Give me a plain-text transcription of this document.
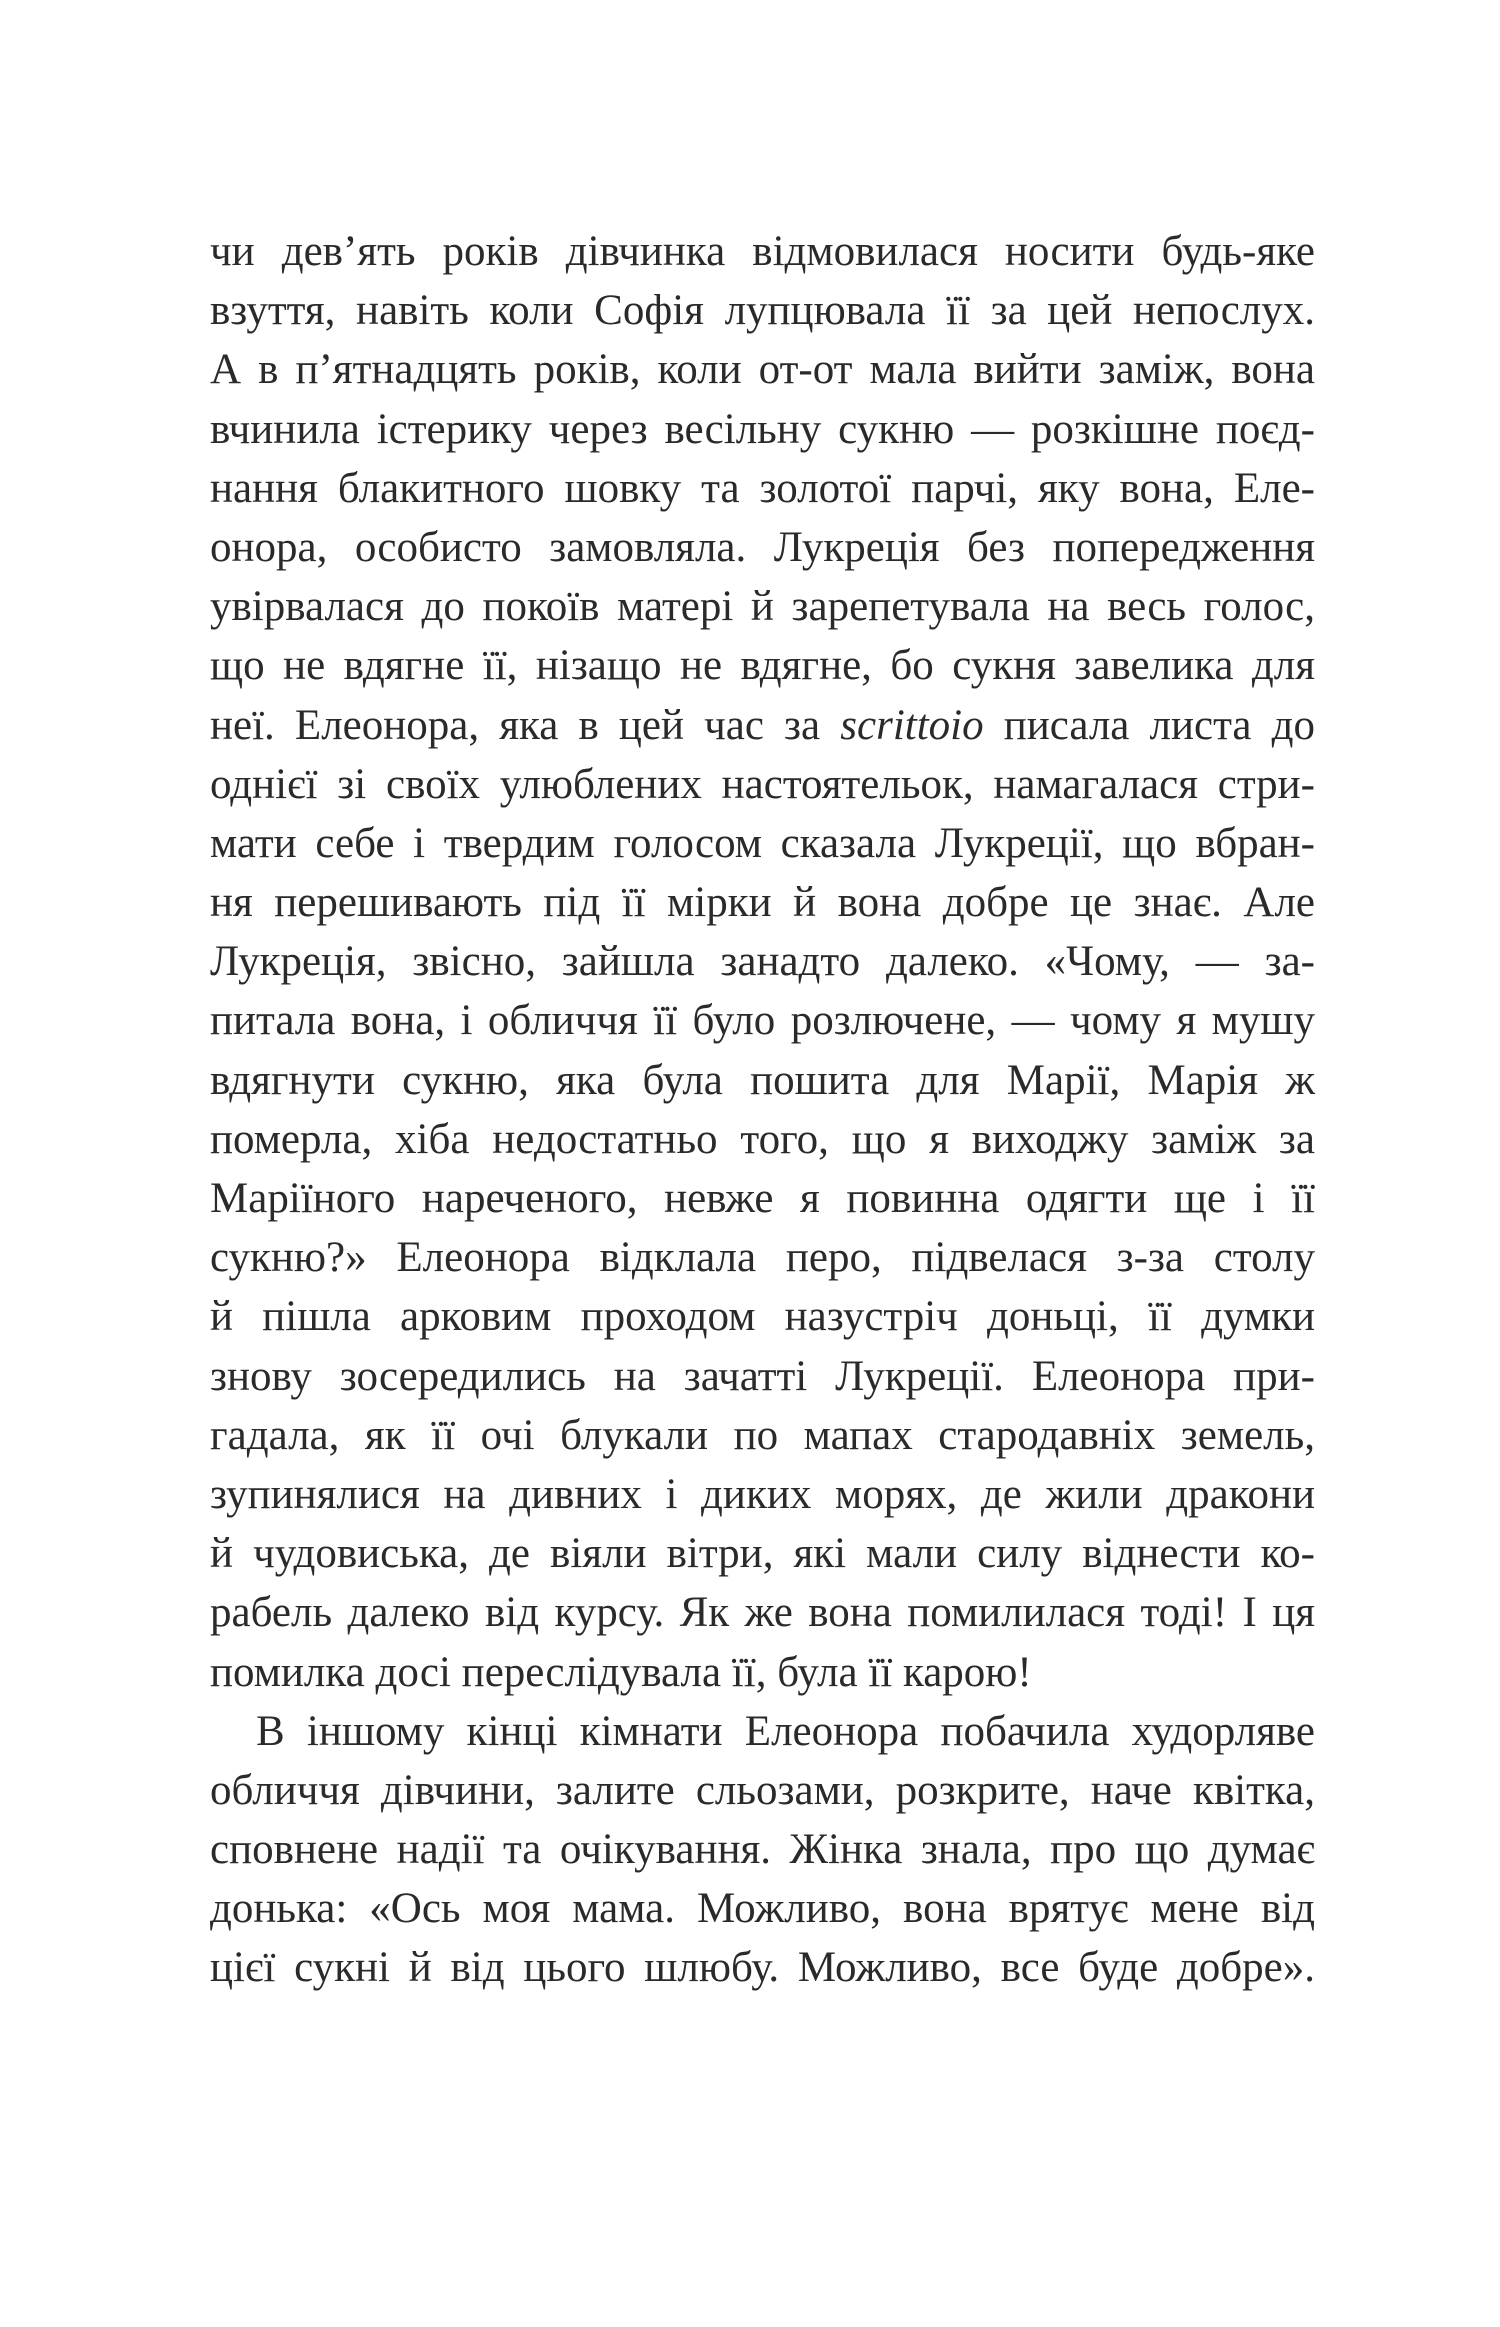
чи дев’ять років дівчинка відмовилася носити будь-яке
взуття, навіть коли Софія лупцювала її за цей непослух.
А в п’ятнадцять років, коли от-от мала вийти заміж, вона
вчинила істерику через весільну сукню — розкішне поєд-
нання блакитного шовку та золотої парчі, яку вона, Еле-
онора, особисто замовляла. Лукреція без попередження
увірвалася до покоїв матері й зарепетувала на весь голос,
що не вдягне її, нізащо не вдягне, бо сукня завелика для
неї. Елеонора, яка в цей час за scrittoio писала листа до
однієї зі своїх улюблених настоятельок, намагалася стри-
мати себе і твердим голосом сказала Лукреції, що вбран-
ня перешивають під її мірки й вона добре це знає. Але
Лукреція, звісно, зайшла занадто далеко. «Чому, — за-
питала вона, і обличчя її було розлючене, — чому я мушу
вдягнути сукню, яка була пошита для Марії, Марія ж
померла, хіба недостатньо того, що я виходжу заміж за
Маріїного нареченого, невже я повинна одягти ще і її
сукню?» Елеонора відклала перо, підвелася з-за столу
й пішла арковим проходом назустріч доньці, її думки
знову зосередились на зачатті Лукреції. Елеонора при-
гадала, як її очі блукали по мапах стародавніх земель,
зупинялися на дивних і диких морях, де жили дракони
й чудовиська, де віяли вітри, які мали силу віднести ко-
рабель далеко від курсу. Як же вона помилилася тоді! І ця
помилка досі переслідувала її, була її карою!
В іншому кінці кімнати Елеонора побачила худорляве
обличчя дівчини, залите сльозами, розкрите, наче квітка,
сповнене надії та очікування. Жінка знала, про що думає
донька: «Ось моя мама. Можливо, вона врятує мене від
цієї сукні й від цього шлюбу. Можливо, все буде добре».
